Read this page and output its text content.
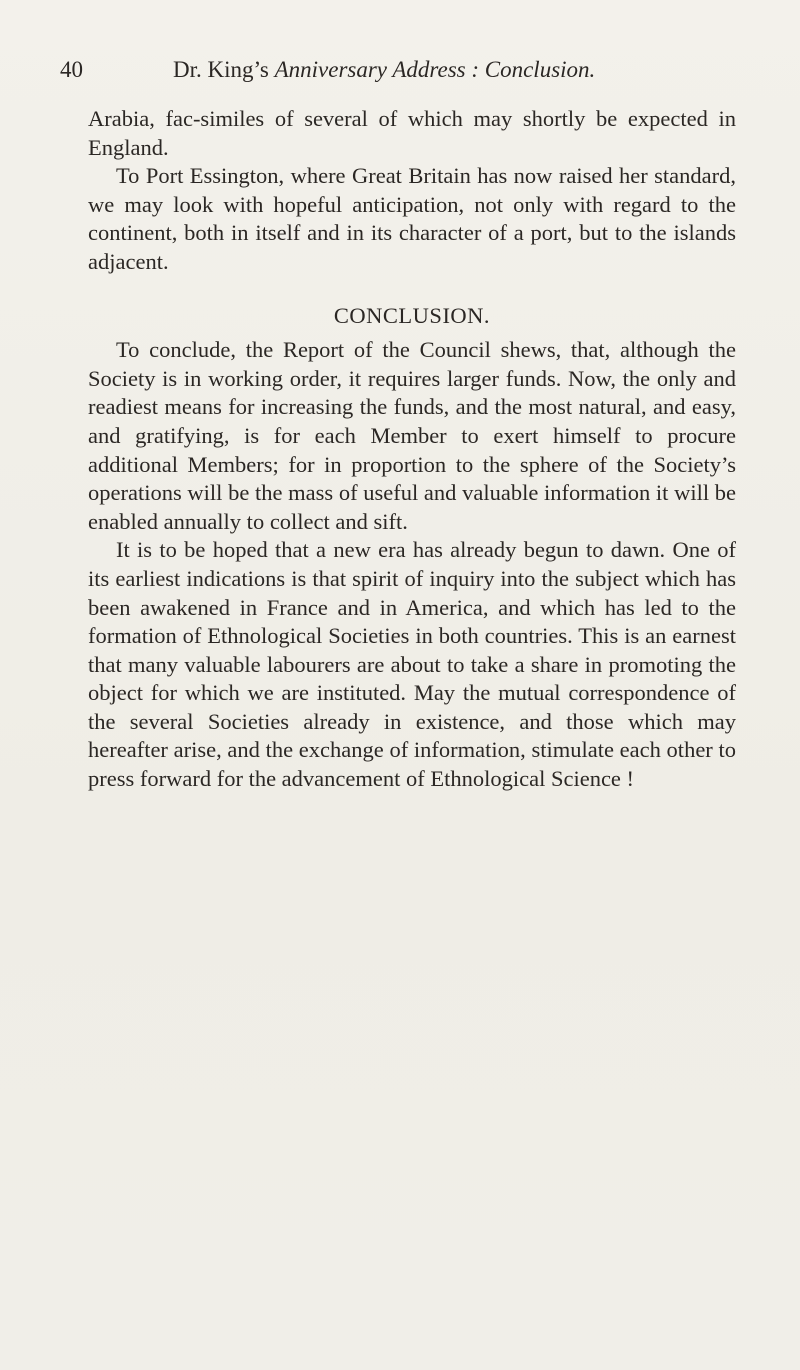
40	Dr. King’s Anniversary Address : Conclusion.

Arabia, fac-similes of several of which may shortly be expected in England.

To Port Essington, where Great Britain has now raised her standard, we may look with hopeful anticipation, not only with regard to the continent, both in itself and in its character of a port, but to the islands adjacent.

CONCLUSION.

To conclude, the Report of the Council shews, that, although the Society is in working order, it requires larger funds. Now, the only and readiest means for increasing the funds, and the most natural, and easy, and gratifying, is for each Member to exert himself to procure additional Members; for in proportion to the sphere of the Society’s operations will be the mass of useful and valuable information it will be enabled annually to collect and sift.

It is to be hoped that a new era has already begun to dawn. One of its earliest indications is that spirit of inquiry into the subject which has been awakened in France and in America, and which has led to the formation of Ethnological Societies in both countries. This is an earnest that many valuable labourers are about to take a share in promoting the object for which we are instituted. May the mutual correspondence of the several Societies already in existence, and those which may hereafter arise, and the exchange of information, stimulate each other to press forward for the advancement of Ethnological Science !
